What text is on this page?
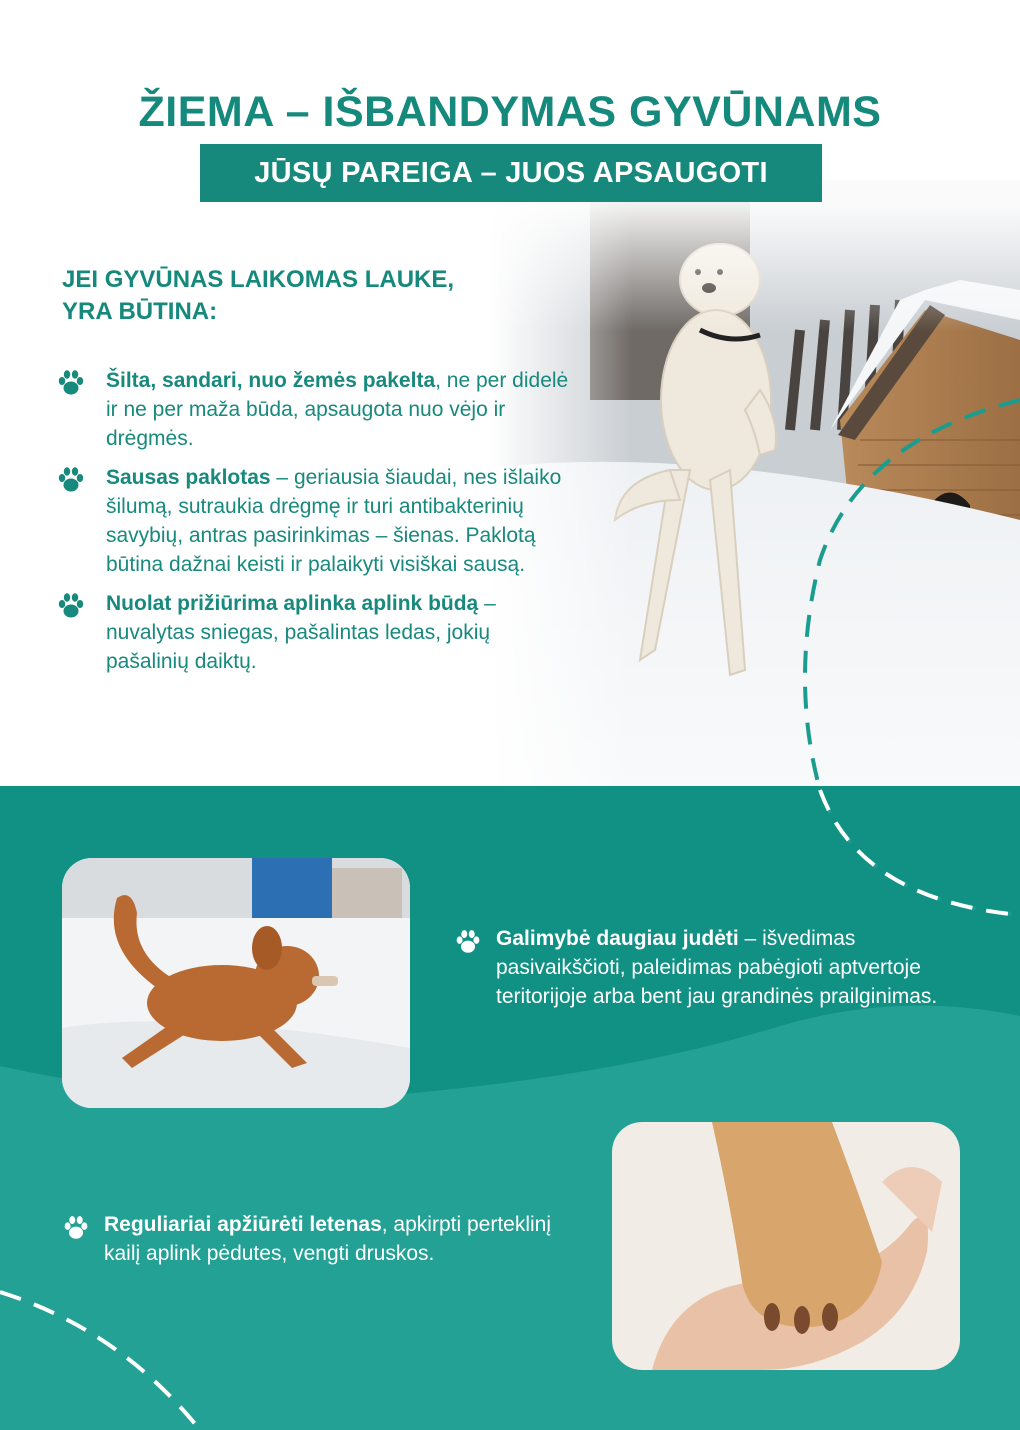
ŽIEMA – IŠBANDYMAS GYVŪNAMS
JŪSŲ PAREIGA – JUOS APSAUGOTI
JEI GYVŪNAS LAIKOMAS LAUKE,
YRA BŪTINA:
Šilta, sandari, nuo žemės pakelta, ne per didelė ir ne per maža būda, apsaugota nuo vėjo ir drėgmės.
Sausas paklotas – geriausia šiaudai, nes išlaiko šilumą, sutraukia drėgmę ir turi antibakterinių savybių, antras pasirinkimas – šienas. Paklotą būtina dažnai keisti ir palaikyti visiškai sausą.
Nuolat prižiūrima aplinka aplink būdą – nuvalytas sniegas, pašalintas ledas, jokių pašalinių daiktų.
Galimybė daugiau judėti – išvedimas pasivaikščioti, paleidimas pabėgioti aptvertoje teritorijoje arba bent jau grandinės prailginimas.
Reguliariai apžiūrėti letenas, apkirpti perteklinį kailį aplink pėdutes, vengti druskos.
